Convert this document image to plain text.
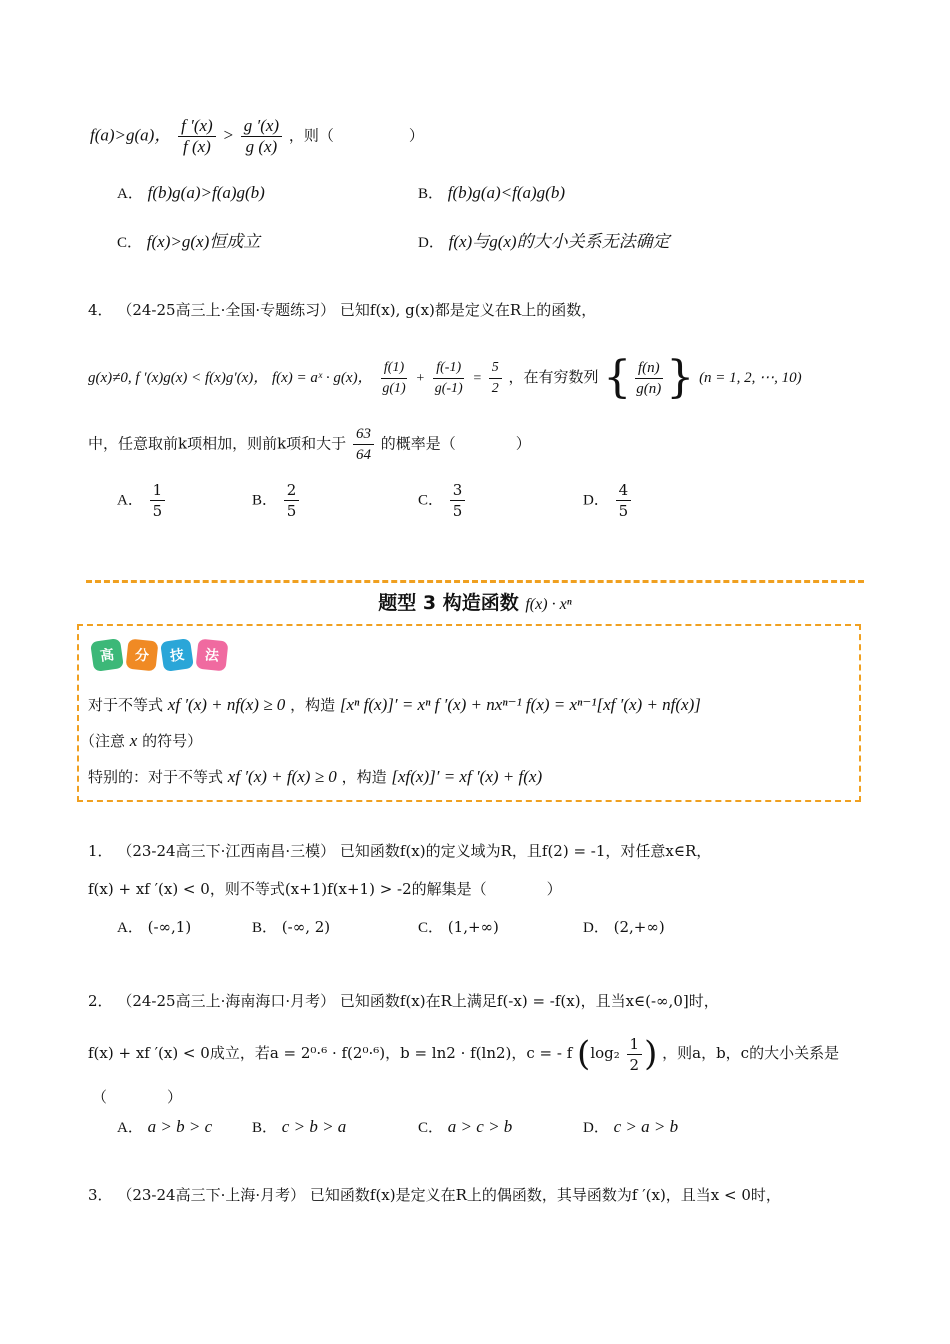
f(a)>g(a)， $\frac{f '(x)}{f (x)} > \frac{g '(x)}{g (x)}$ ，则（　　　　　）
A． f(b)g(a)>f(a)g(b)	B． f(b)g(a)<f(a)g(b)
C． f(x)>g(x)恒成立	D． f(x)与g(x)的大小关系无法确定
4． （24-25高三上·全国·专题练习） 已知f(x), g(x)都是定义在R上的函数，
g(x)≠0, f ′(x)g(x) < f(x)g′(x)， f(x) = aˣ · g(x)， $\frac{f(1)}{g(1)} + \frac{f(-1)}{g(-1)} = \frac{5}{2}$ ，在有穷数列 { $\frac{f(n)}{g(n)}$ } (n = 1, 2, ⋯, 10)
中，任意取前k项相加，则前k项和大于 $\frac{63}{64}$ 的概率是（　　　　）
A． $\frac{1}{5}$	B． $\frac{2}{5}$	C． $\frac{3}{5}$	D． $\frac{4}{5}$
题型 3 构造函数 f(x) · xⁿ
高 分 技 法
对于不等式 xf ′(x) + nf(x) ≥ 0 ，构造 [xⁿ f(x)]′ = xⁿ f ′(x) + nxⁿ⁻¹ f(x) = xⁿ⁻¹[xf ′(x) + nf(x)]
（注意 x 的符号）
特别的：对于不等式 xf ′(x) + f(x) ≥ 0 ，构造 [xf(x)]′ = xf ′(x) + f(x)
1． （23-24高三下·江西南昌·三模） 已知函数f(x)的定义域为R，且f(2) = -1，对任意x∈R，
f(x) + xf ′(x) < 0，则不等式(x+1)f(x+1) > -2的解集是（　　　　）
A． (-∞,1)	B． (-∞, 2)	C． (1,+∞)	D． (2,+∞)
2． （24-25高三上·海南海口·月考） 已知函数f(x)在R上满足f(-x) = -f(x)，且当x∈(-∞,0]时，
f(x) + xf ′(x) < 0成立，若a = 2⁰·⁶ · f(2⁰·⁶)，b = ln2 · f(ln2)，c = - f ($\log_2 \frac{1}{2}$ ) ，则a，b，c的大小关系是
（　　　　）
A． a > b > c	B． c > b > a	C． a > c > b	D． c > a > b
3． （23-24高三下·上海·月考） 已知函数f(x)是定义在R上的偶函数，其导函数为f ′(x)，且当x < 0时，
